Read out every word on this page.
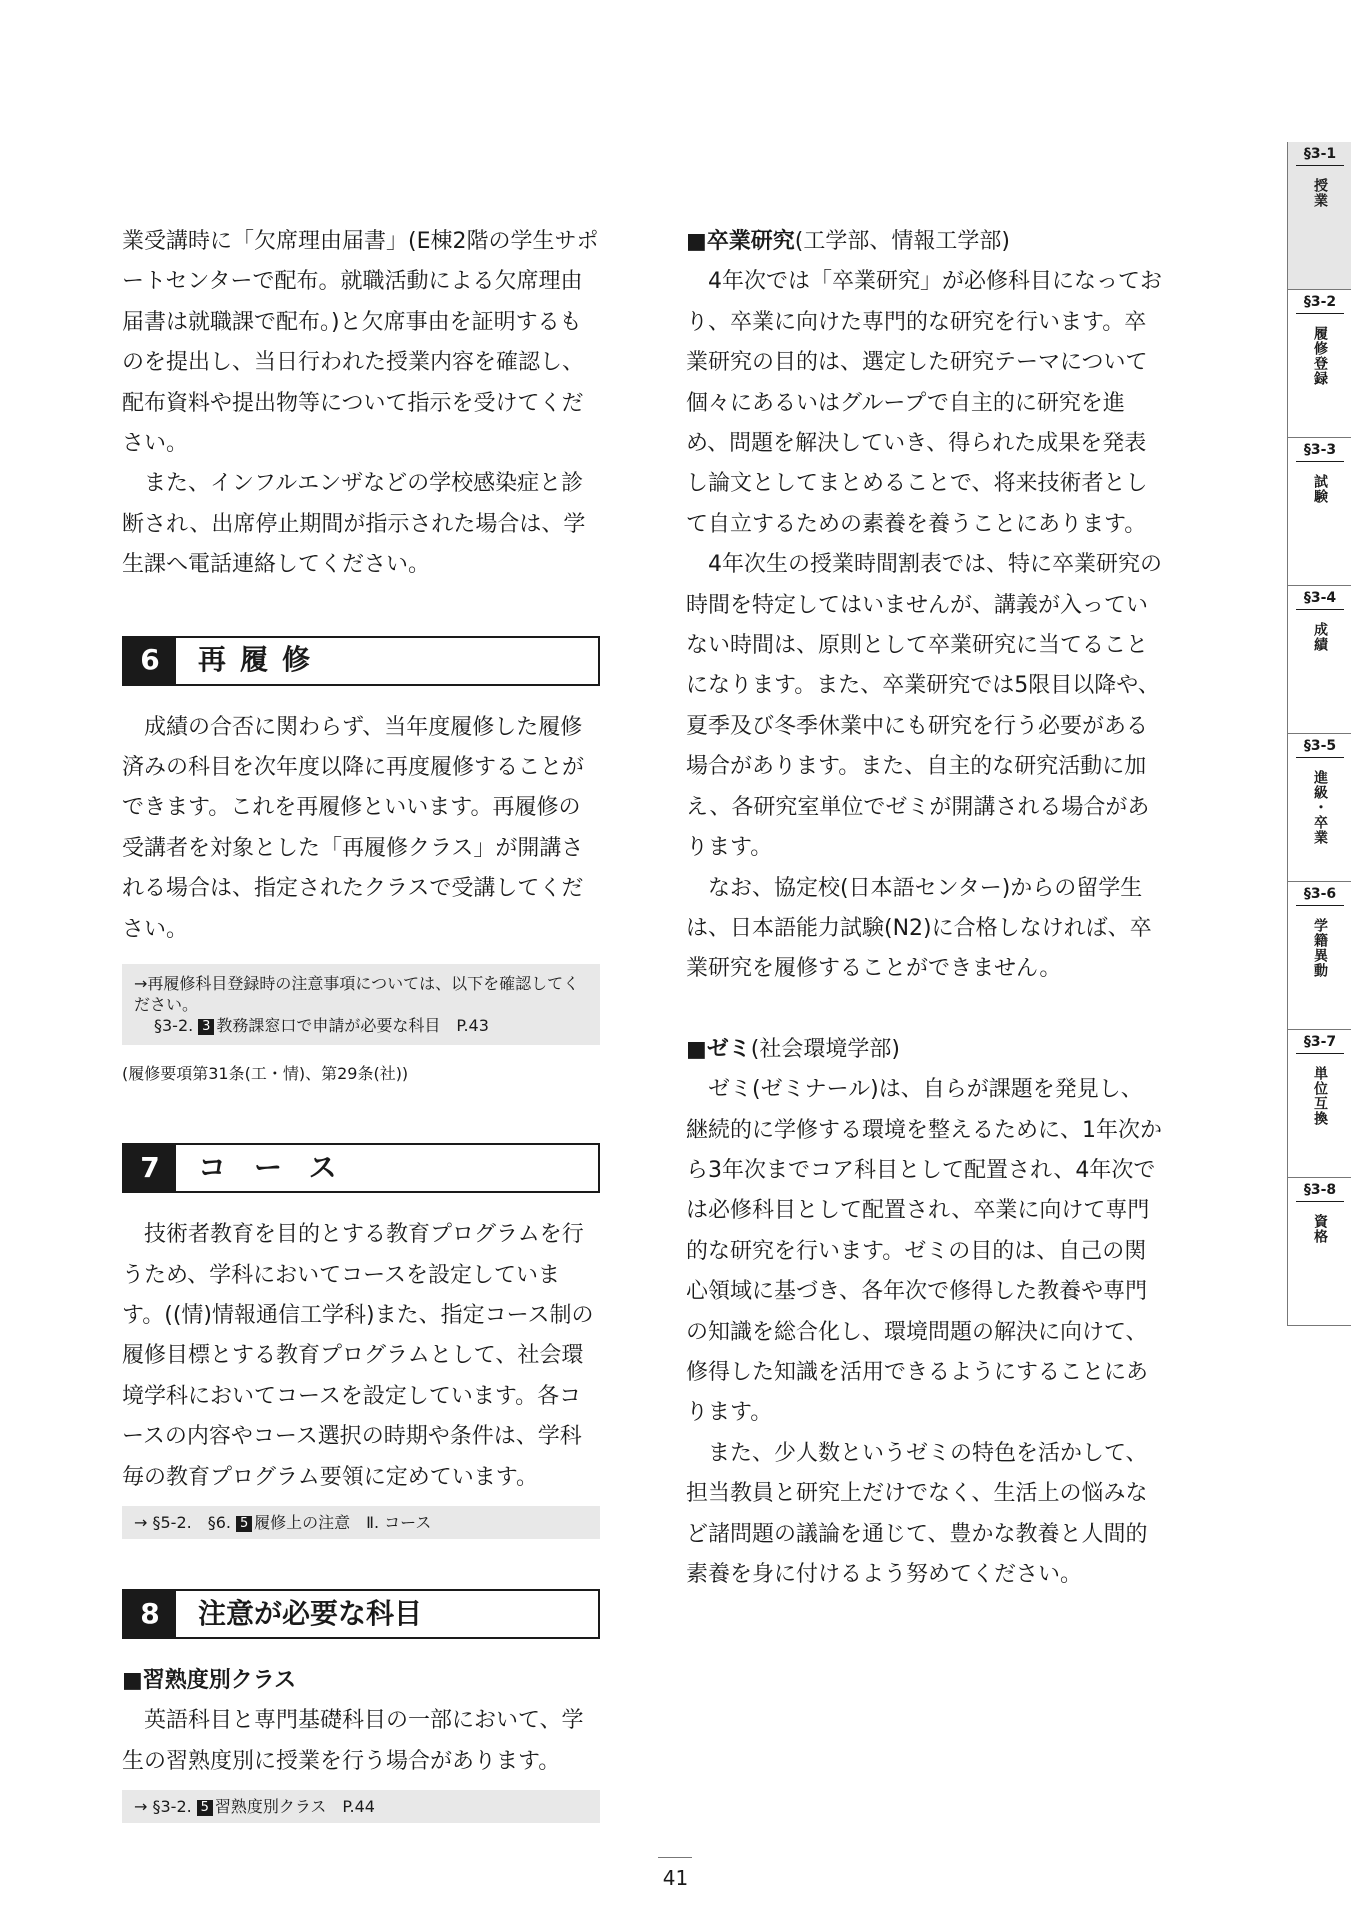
業受講時に「欠席理由届書」(E棟2階の学生サポートセンターで配布。就職活動による欠席理由届書は就職課で配布。)と欠席事由を証明するものを提出し、当日行われた授業内容を確認し、配布資料や提出物等について指示を受けてください。

また、インフルエンザなどの学校感染症と診断され、出席停止期間が指示された場合は、学生課へ電話連絡してください。

6	再履修

成績の合否に関わらず、当年度履修した履修済みの科目を次年度以降に再度履修することができます。これを再履修といいます。再履修の受講者を対象とした「再履修クラス」が開講される場合は、指定されたクラスで受講してください。

→再履修科目登録時の注意事項については、以下を確認してください。
§3-2. 3 教務課窓口で申請が必要な科目　P.43
(履修要項第31条(工・情)、第29条(社))
7	コース

技術者教育を目的とする教育プログラムを行うため、学科においてコースを設定しています。((情)情報通信工学科)また、指定コース制の履修目標とする教育プログラムとして、社会環境学科においてコースを設定しています。各コースの内容やコース選択の時期や条件は、学科毎の教育プログラム要領に定めています。

→ §5-2.　§6. 5 履修上の注意　Ⅱ. コース
8	注意が必要な科目

■習熟度別クラス

英語科目と専門基礎科目の一部において、学生の習熟度別に授業を行う場合があります。

→ §3-2. 5 習熟度別クラス　P.44

■卒業研究(工学部、情報工学部)

4年次では「卒業研究」が必修科目になっており、卒業に向けた専門的な研究を行います。卒業研究の目的は、選定した研究テーマについて個々にあるいはグループで自主的に研究を進め、問題を解決していき、得られた成果を発表し論文としてまとめることで、将来技術者として自立するための素養を養うことにあります。

4年次生の授業時間割表では、特に卒業研究の時間を特定してはいませんが、講義が入っていない時間は、原則として卒業研究に当てることになります。また、卒業研究では5限目以降や、夏季及び冬季休業中にも研究を行う必要がある場合があります。また、自主的な研究活動に加え、各研究室単位でゼミが開講される場合があります。

なお、協定校(日本語センター)からの留学生は、日本語能力試験(N2)に合格しなければ、卒業研究を履修することができません。

■ゼミ(社会環境学部)

ゼミ(ゼミナール)は、自らが課題を発見し、継続的に学修する環境を整えるために、1年次から3年次までコア科目として配置され、4年次では必修科目として配置され、卒業に向けて専門的な研究を行います。ゼミの目的は、自己の関心領域に基づき、各年次で修得した教養や専門の知識を総合化し、環境問題の解決に向けて、修得した知識を活用できるようにすることにあります。

また、少人数というゼミの特色を活かして、担当教員と研究上だけでなく、生活上の悩みなど諸問題の議論を通じて、豊かな教養と人間的素養を身に付けるよう努めてください。

§3-1
授業
§3-2
履修登録
§3-3
試験
§3-4
成績
§3-5
進級・卒業
§3-6
学籍異動
§3-7
単位互換
§3-8
資格
41
